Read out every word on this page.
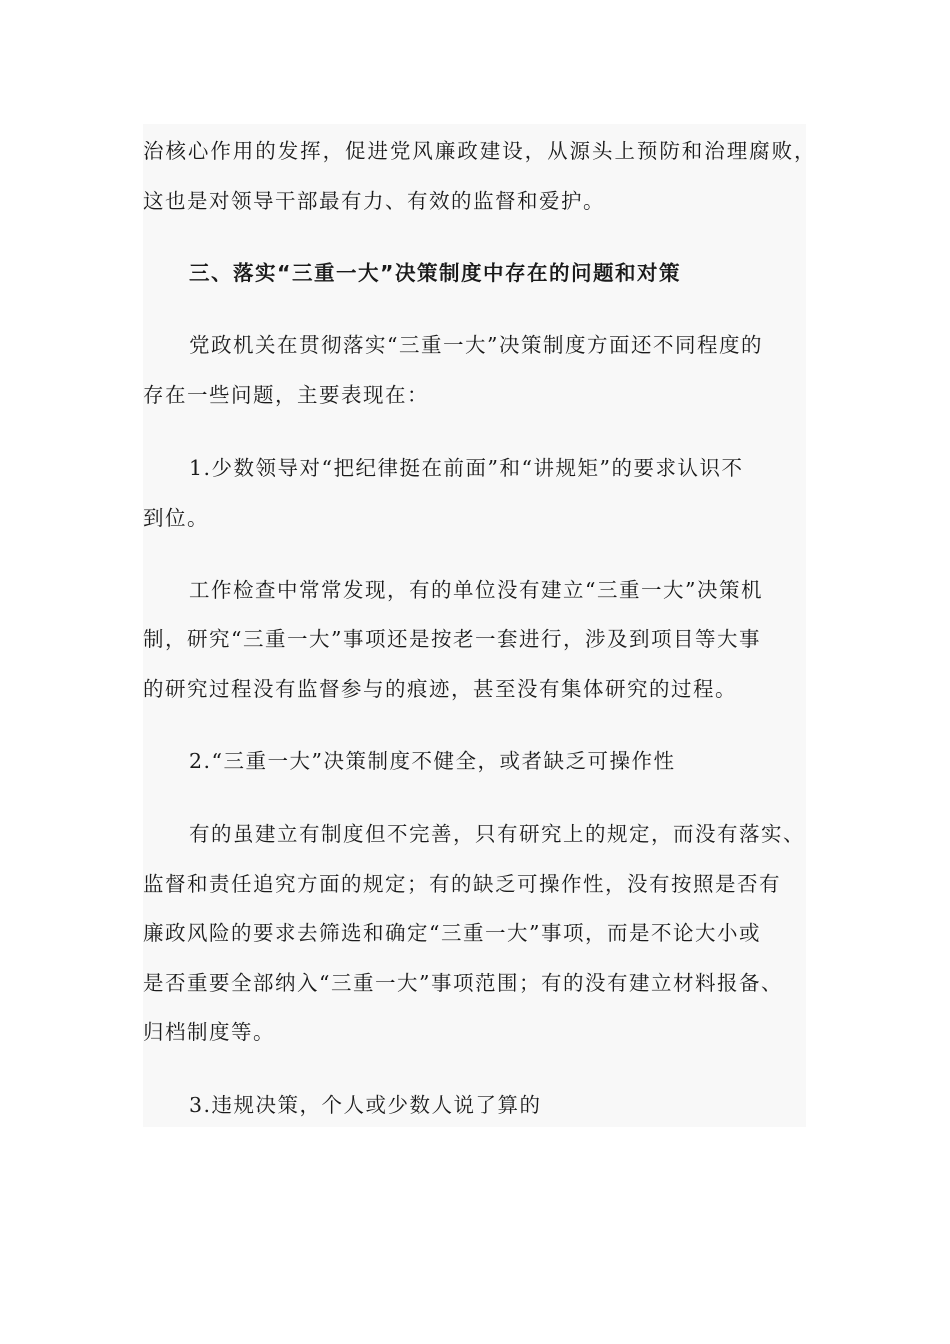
治核心作用的发挥，促进党风廉政建设，从源头上预防和治理腐败，
这也是对领导干部最有力、有效的监督和爱护。
三、落实“三重一大”决策制度中存在的问题和对策
党政机关在贯彻落实“三重一大”决策制度方面还不同程度的
存在一些问题，主要表现在：
1.少数领导对“把纪律挺在前面”和“讲规矩”的要求认识不
到位。
工作检查中常常发现，有的单位没有建立“三重一大”决策机
制，研究“三重一大”事项还是按老一套进行，涉及到项目等大事
的研究过程没有监督参与的痕迹，甚至没有集体研究的过程。
2.“三重一大”决策制度不健全，或者缺乏可操作性
有的虽建立有制度但不完善，只有研究上的规定，而没有落实、
监督和责任追究方面的规定；有的缺乏可操作性，没有按照是否有
廉政风险的要求去筛选和确定“三重一大”事项，而是不论大小或
是否重要全部纳入“三重一大”事项范围；有的没有建立材料报备、
归档制度等。
3.违规决策，个人或少数人说了算的
